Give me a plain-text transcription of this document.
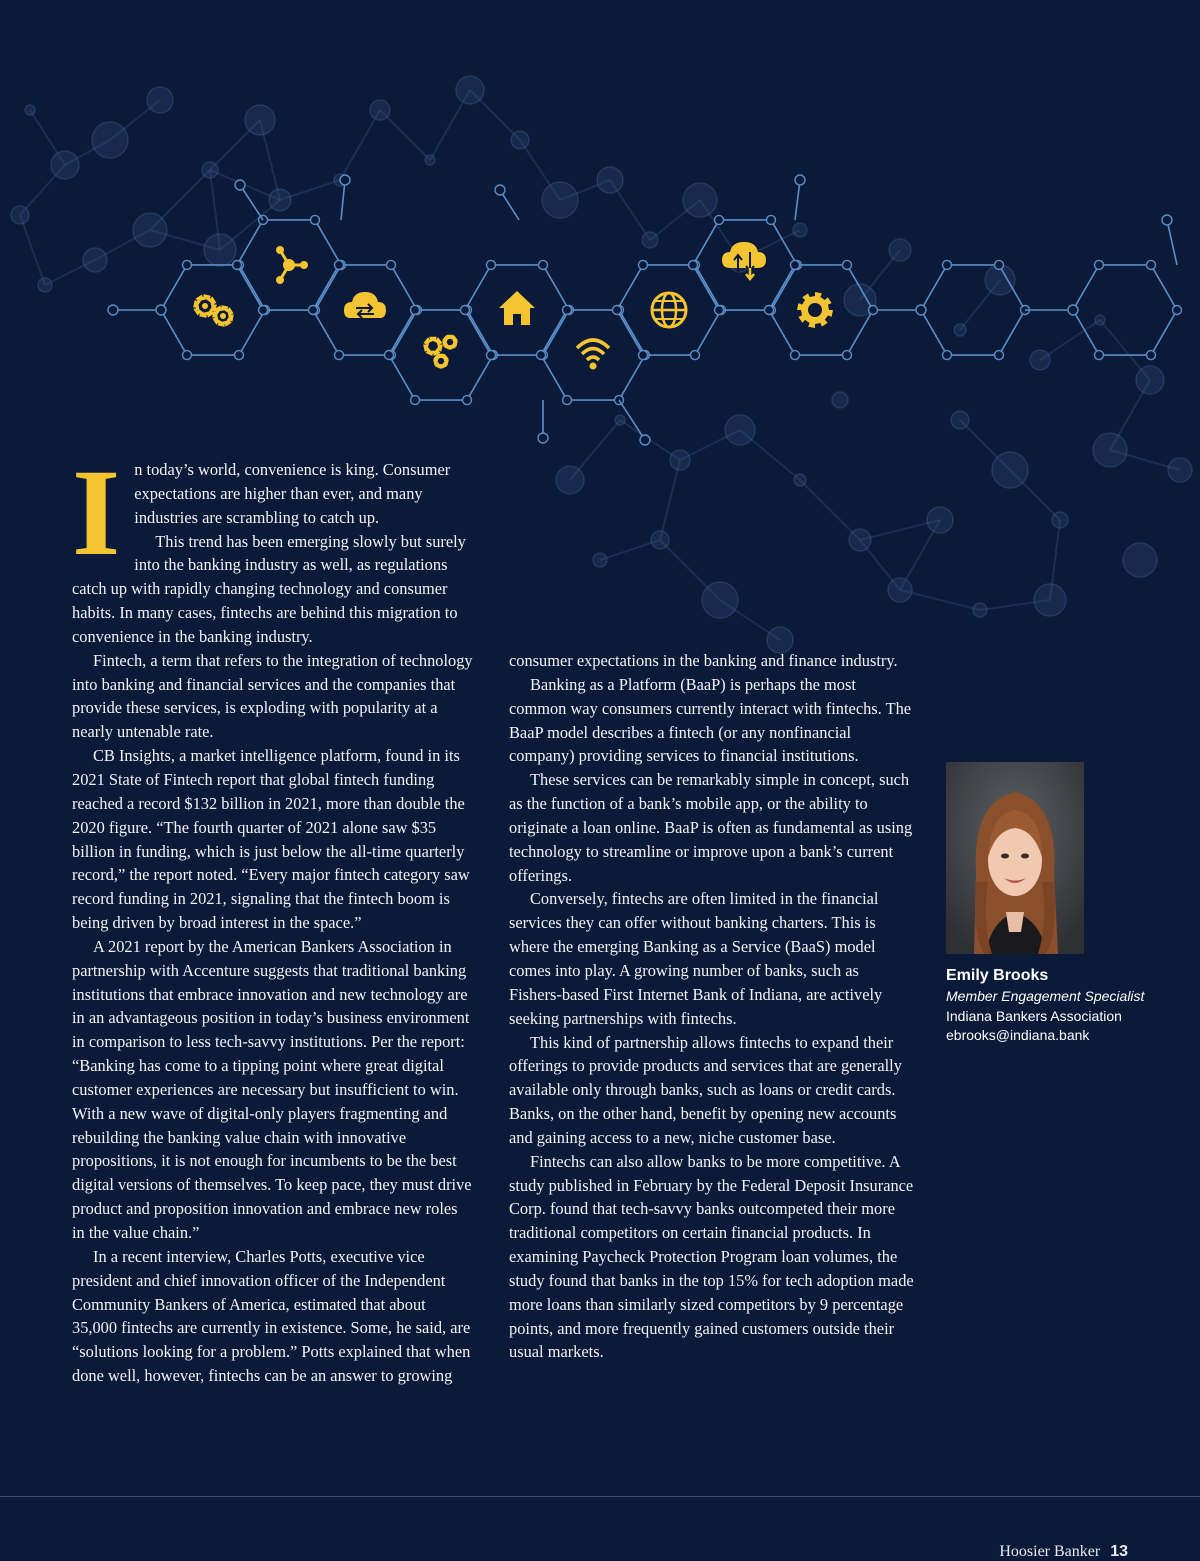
I n today’s world, convenience is king. Consumer expectations are higher than ever, and many industries are scrambling to catch up.

This trend has been emerging slowly but surely into the banking industry as well, as regulations catch up with rapidly changing technology and consumer habits. In many cases, fintechs are behind this migration to convenience in the banking industry.

Fintech, a term that refers to the integration of technology into banking and financial services and the companies that provide these services, is exploding with popularity at a nearly untenable rate.

CB Insights, a market intelligence platform, found in its 2021 State of Fintech report that global fintech funding reached a record $132 billion in 2021, more than double the 2020 figure. “The fourth quarter of 2021 alone saw $35 billion in funding, which is just below the all-time quarterly record,” the report noted. “Every major fintech category saw record funding in 2021, signaling that the fintech boom is being driven by broad interest in the space.”

A 2021 report by the American Bankers Association in partnership with Accenture suggests that traditional banking institutions that embrace innovation and new technology are in an advantageous position in today’s business environment in comparison to less tech-savvy institutions. Per the report: “Banking has come to a tipping point where great digital customer experiences are necessary but insufficient to win. With a new wave of digital-only players fragmenting and rebuilding the banking value chain with innovative propositions, it is not enough for incumbents to be the best digital versions of themselves. To keep pace, they must drive product and proposition innovation and embrace new roles in the value chain.”

In a recent interview, Charles Potts, executive vice president and chief innovation officer of the Independent Community Bankers of America, estimated that about 35,000 fintechs are currently in existence. Some, he said, are “solutions looking for a problem.” Potts explained that when done well, however, fintechs can be an answer to growing

consumer expectations in the banking and finance industry.

Banking as a Platform (BaaP) is perhaps the most common way consumers currently interact with fintechs. The BaaP model describes a fintech (or any nonfinancial company) providing services to financial institutions.

These services can be remarkably simple in concept, such as the function of a bank’s mobile app, or the ability to originate a loan online. BaaP is often as fundamental as using technology to streamline or improve upon a bank’s current offerings.

Conversely, fintechs are often limited in the financial services they can offer without banking charters. This is where the emerging Banking as a Service (BaaS) model comes into play. A growing number of banks, such as Fishers-based First Internet Bank of Indiana, are actively seeking partnerships with fintechs.

This kind of partnership allows fintechs to expand their offerings to provide products and services that are generally available only through banks, such as loans or credit cards. Banks, on the other hand, benefit by opening new accounts and gaining access to a new, niche customer base.

Fintechs can also allow banks to be more competitive. A study published in February by the Federal Deposit Insurance Corp. found that tech-savvy banks outcompeted their more traditional competitors on certain financial products. In examining Paycheck Protection Program loan volumes, the study found that banks in the top 15% for tech adoption made more loans than similarly sized competitors by 9 percentage points, and more frequently gained customers outside their usual markets.

Emily Brooks
Member Engagement Specialist
Indiana Bankers Association
ebrooks@indiana.bank
Hoosier Banker 13
